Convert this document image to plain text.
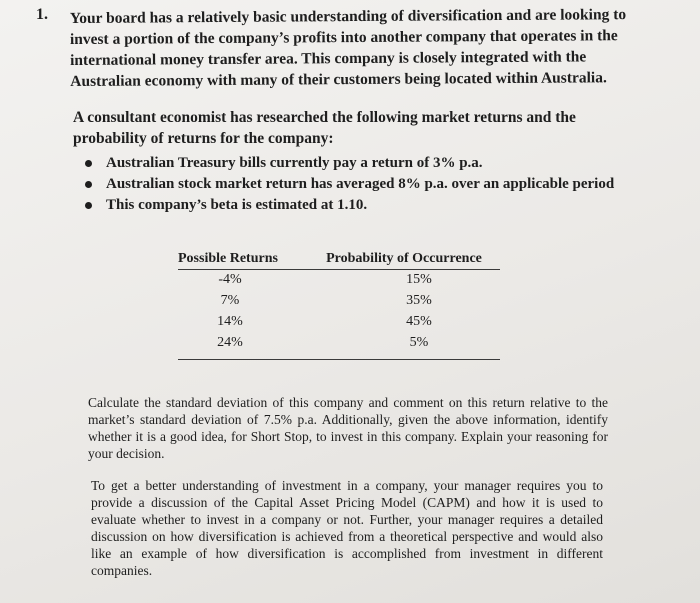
1. Your board has a relatively basic understanding of diversification and are looking to invest a portion of the company’s profits into another company that operates in the international money transfer area. This company is closely integrated with the Australian economy with many of their customers being located within Australia.
A consultant economist has researched the following market returns and the probability of returns for the company:
Australian Treasury bills currently pay a return of 3% p.a.
Australian stock market return has averaged 8% p.a. over an applicable period
This company’s beta is estimated at 1.10.
Possible Returns	Probability of Occurrence
-4%	15%
7%	35%
14%	45%
24%	5%
Calculate the standard deviation of this company and comment on this return relative to the market’s standard deviation of 7.5% p.a. Additionally, given the above information, identify whether it is a good idea, for Short Stop, to invest in this company. Explain your reasoning for your decision.
To get a better understanding of investment in a company, your manager requires you to provide a discussion of the Capital Asset Pricing Model (CAPM) and how it is used to evaluate whether to invest in a company or not. Further, your manager requires a detailed discussion on how diversification is achieved from a theoretical perspective and would also like an example of how diversification is accomplished from investment in different companies.
